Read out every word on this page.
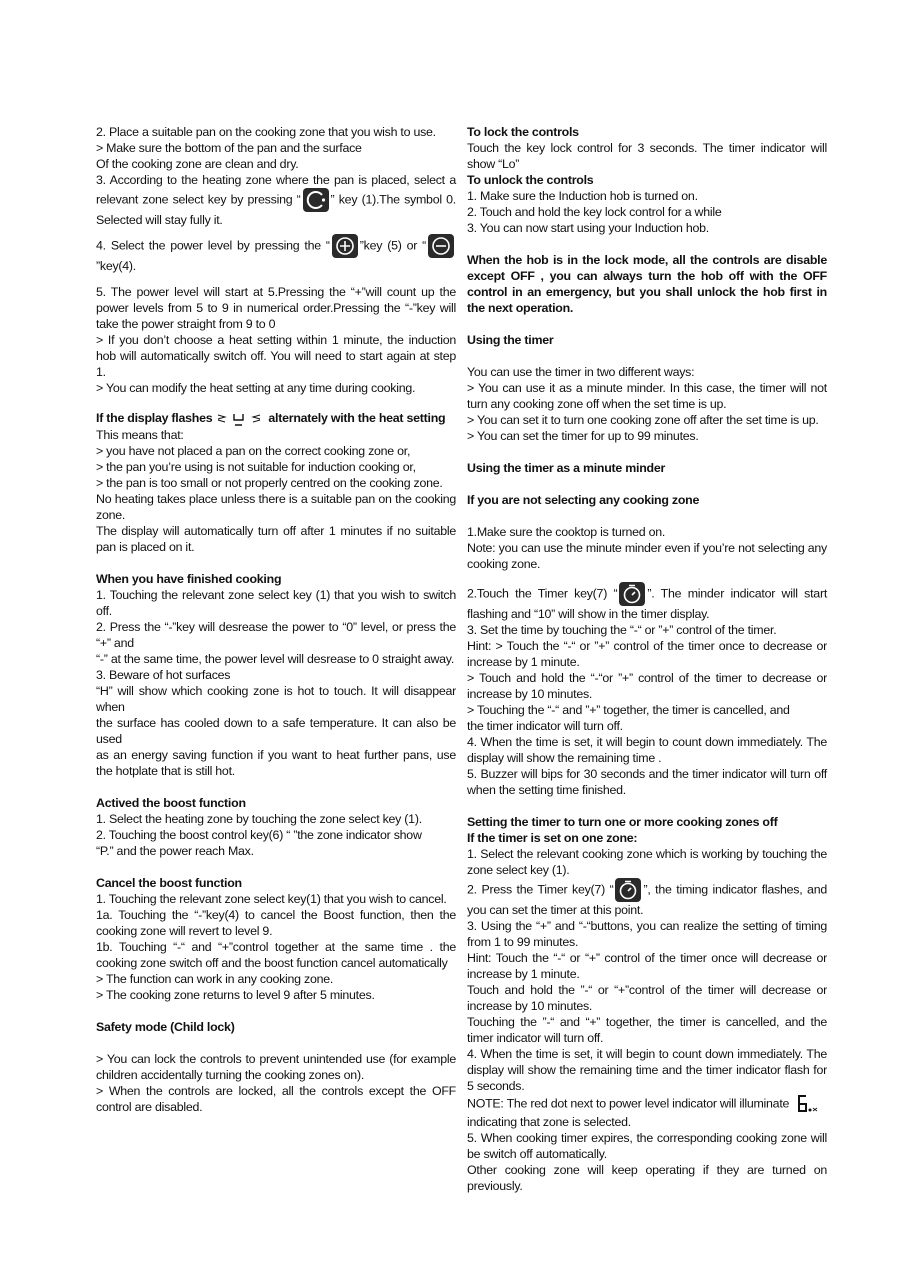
2. Place a suitable pan on the cooking zone that you wish to use.

> Make sure the bottom of the pan and the surface

Of the cooking zone are clean and dry.

3. According to the heating zone where the pan is placed, select a relevant zone select key by pressing “ ” key (1).The symbol 0. Selected will stay fully it.

4. Select the power level by pressing the “ ”key (5) or “
”key(4).

5. The power level will start at 5.Pressing the “+”will count up the power levels from 5 to 9 in numerical order.Pressing the “-”key will take the power straight from 9 to 0

> If you don’t choose a heat setting within 1 minute, the induction hob will automatically switch off. You will need to start again at step 1.

> You can modify the heat setting at any time during cooking.

If the display flashes	alternately with the heat setting

This means that:

> you have not placed a pan on the correct cooking zone or,

> the pan you’re using is not suitable for induction cooking or,

> the pan is too small or not properly centred on the cooking zone.

No heating takes place unless there is a suitable pan on the cooking zone.

The display will automatically turn off after 1 minutes if no suitable pan is placed on it.

When you have finished cooking

1. Touching the relevant zone select key (1) that you wish to switch off.

2. Press the “-”key will desrease the power to “0” level, or press the “+” and

“-” at the same time, the power level will desrease to 0 straight away.

3. Beware of hot surfaces

“H” will show which cooking zone is hot to touch. It will disappear when

the surface has cooled down to a safe temperature. It can also be used

as an energy saving function if you want to heat further pans, use the hotplate that is still hot.

Actived the boost function

1. Select the heating zone by touching the zone select key (1).

2. Touching the boost control key(6) “ ”the zone indicator show

“P.” and the power reach Max.

Cancel the boost function

1. Touching the relevant zone select key(1) that you wish to cancel.

1a. Touching the “-”key(4) to cancel the Boost function, then the cooking zone will revert to level 9.

1b. Touching “-“ and “+”control together at the same time . the cooking zone switch off and the boost function cancel automatically

> The function can work in any cooking zone.

> The cooking zone returns to level 9 after 5 minutes.

Safety mode (Child lock)

> You can lock the controls to prevent unintended use (for example children accidentally turning the cooking zones on).

> When the controls are locked, all the controls except the OFF control are disabled.

To lock the controls

Touch the key lock control for 3 seconds. The timer indicator will show “Lo”

To unlock the controls

1. Make sure the Induction hob is turned on.

2. Touch and hold the key lock control for a while

3. You can now start using your Induction hob.

When the hob is in the lock mode, all the controls are disable except OFF , you can always turn the hob off with the OFF control in an emergency, but you shall unlock the hob first in the next operation.

Using the timer

You can use the timer in two different ways:

> You can use it as a minute minder. In this case, the timer will not turn any cooking zone off when the set time is up.

> You can set it to turn one cooking zone off after the set time is up.

> You can set the timer for up to 99 minutes.

Using the timer as a minute minder

If you are not selecting any cooking zone

1.Make sure the cooktop is turned on.

Note: you can use the minute minder even if you’re not selecting any cooking zone.

2.Touch the Timer key(7) “ ”. The minder indicator will start flashing and “10” will show in the timer display.

3. Set the time by touching the “-“ or ”+” control of the timer.

Hint: > Touch the “-“ or ”+” control of the timer once to decrease or increase by 1 minute.

> Touch and hold the “-“or ”+” control of the timer to decrease or increase by 10 minutes.

> Touching the “-“ and ”+” together, the timer is cancelled, and

the timer indicator will turn off.

4. When the time is set, it will begin to count down immediately. The display will show the remaining time .

5. Buzzer will bips for 30 seconds and the timer indicator will turn off when the setting time finished.

Setting the timer to turn one or more cooking zones off

If the timer is set on one zone:

1. Select the relevant cooking zone which is working by touching the zone select key (1).

2. Press the Timer key(7) “ ”, the timing indicator flashes, and you can set the timer at this point.

3. Using the “+” and “-“buttons, you can realize the setting of timing from 1 to 99 minutes.

Hint: Touch the “-“ or “+” control of the timer once will decrease or increase by 1 minute.

Touch and hold the ”-“ or “+”control of the timer will decrease or increase by 10 minutes.

Touching the ”-“ and “+” together, the timer is cancelled, and the timer indicator will turn off.

4. When the time is set, it will begin to count down immediately. The display will show the remaining time and the timer indicator flash for 5 seconds.

NOTE: The red dot next to power level indicator will illuminate

indicating that zone is selected.

5. When cooking timer expires, the corresponding cooking zone will be switch off automatically.

Other cooking zone will keep operating if they are turned on previously.
